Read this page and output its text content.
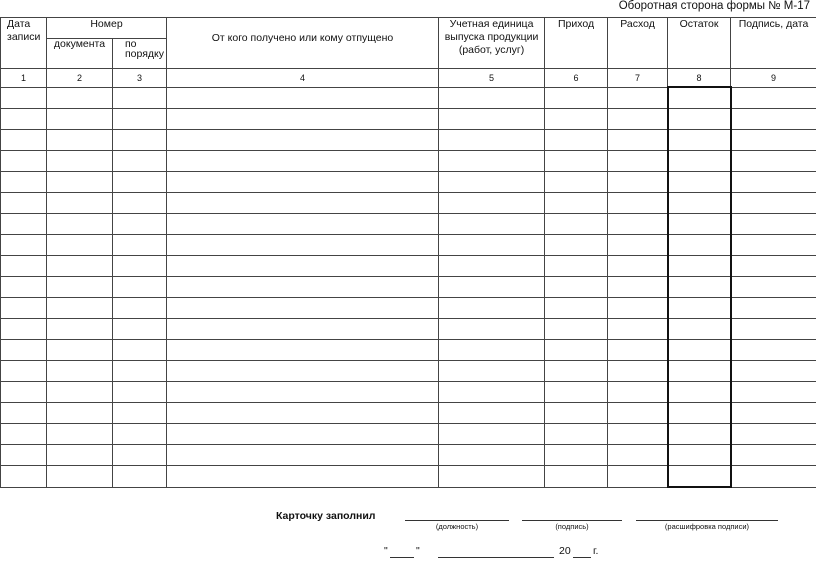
Оборотная сторона формы № М-17
Дата записи	Номер		От кого получено или кому отпущено	Учетная единица выпуска продукции (работ, услуг)	Приход	Расход	Остаток	Подпись, дата
	документа	по порядку						
1	2	3	4	5	6	7	8	9

Карточку заполнил
(должность)	(подпись)	(расшифровка подписи)
"	"	20 г.
